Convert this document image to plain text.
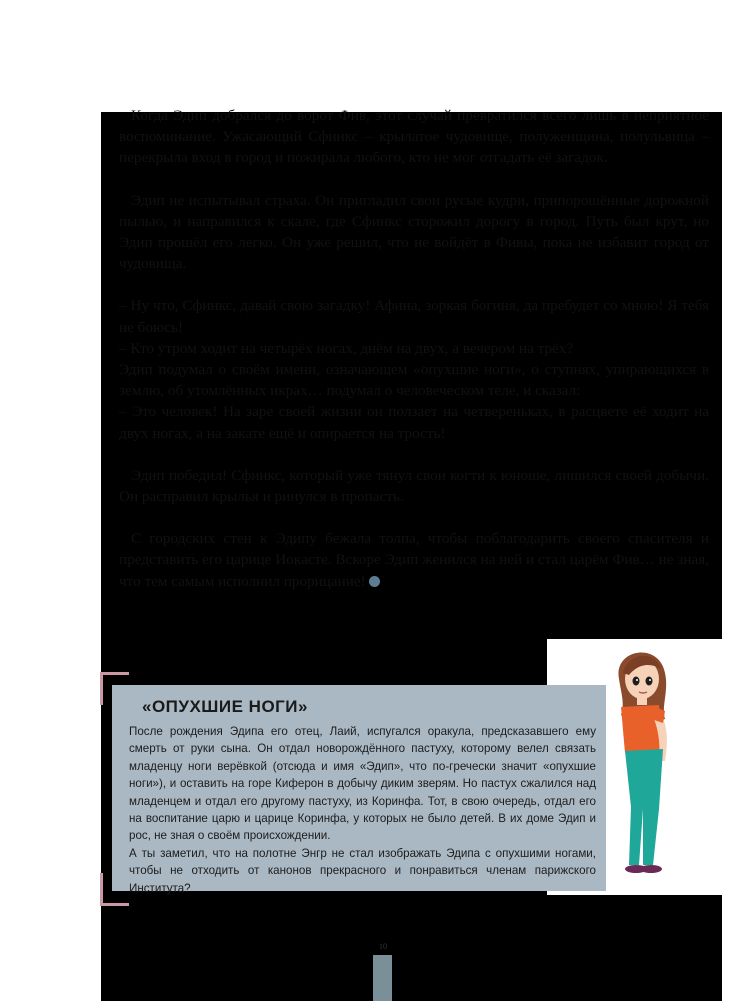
Когда Эдип добрался до ворот Фив, этот случай превратился всего лишь в неприятное воспоминание. Ужасающий Сфинкс – крылатое чудовище, полуженщина, полульвица – перекрыла вход в город и пожирала любого, кто не мог отгадать её загадок.

Эдип не испытывал страха. Он пригладил свои русые кудри, припорошённые дорожной пылью, и направился к скале, где Сфинкс сторожил дорогу в город. Путь был крут, но Эдип прошёл его легко. Он уже решил, что не войдёт в Фивы, пока не избавит город от чудовища.

– Ну что, Сфинкс, давай свою загадку! Афина, зоркая богиня, да пребудет со мною! Я тебя не боюсь!

– Кто утром ходит на четырёх ногах, днём на двух, а вечером на трёх?

Эдип подумал о своём имени, означающем «опухшие ноги», о ступнях, упирающихся в землю, об утомлённых икрах… подумал о человеческом теле, и сказал:

– Это человек! На заре своей жизни он ползает на четвереньках, в расцвете её ходит на двух ногах, а на закате ещё и опирается на трость!

Эдип победил! Сфинкс, который уже тянул свои когти к юноше, лишился своей добычи. Он расправил крылья и ринулся в пропасть.

С городских стен к Эдипу бежала толпа, чтобы поблагодарить своего спасителя и представить его царице Иокасте. Вскоре Эдип женился на ней и стал царём Фив… не зная, что тем самым исполнил прорицание!

«ОПУХШИЕ НОГИ»

После рождения Эдипа его отец, Лаий, испугался оракула, предсказавшего ему смерть от руки сына. Он отдал новорождённого пастуху, которому велел связать младенцу ноги верёвкой (отсюда и имя «Эдип», что по-гречески значит «опухшие ноги»), и оставить на горе Киферон в добычу диким зверям. Но пастух сжалился над младенцем и отдал его другому пастуху, из Коринфа. Тот, в свою очередь, отдал его на воспитание царю и царице Коринфа, у которых не было детей. В их доме Эдип и рос, не зная о своём происхождении.

А ты заметил, что на полотне Энгр не стал изображать Эдипа с опухшими ногами, чтобы не отходить от канонов прекрасного и понравиться членам парижского Института?

10
